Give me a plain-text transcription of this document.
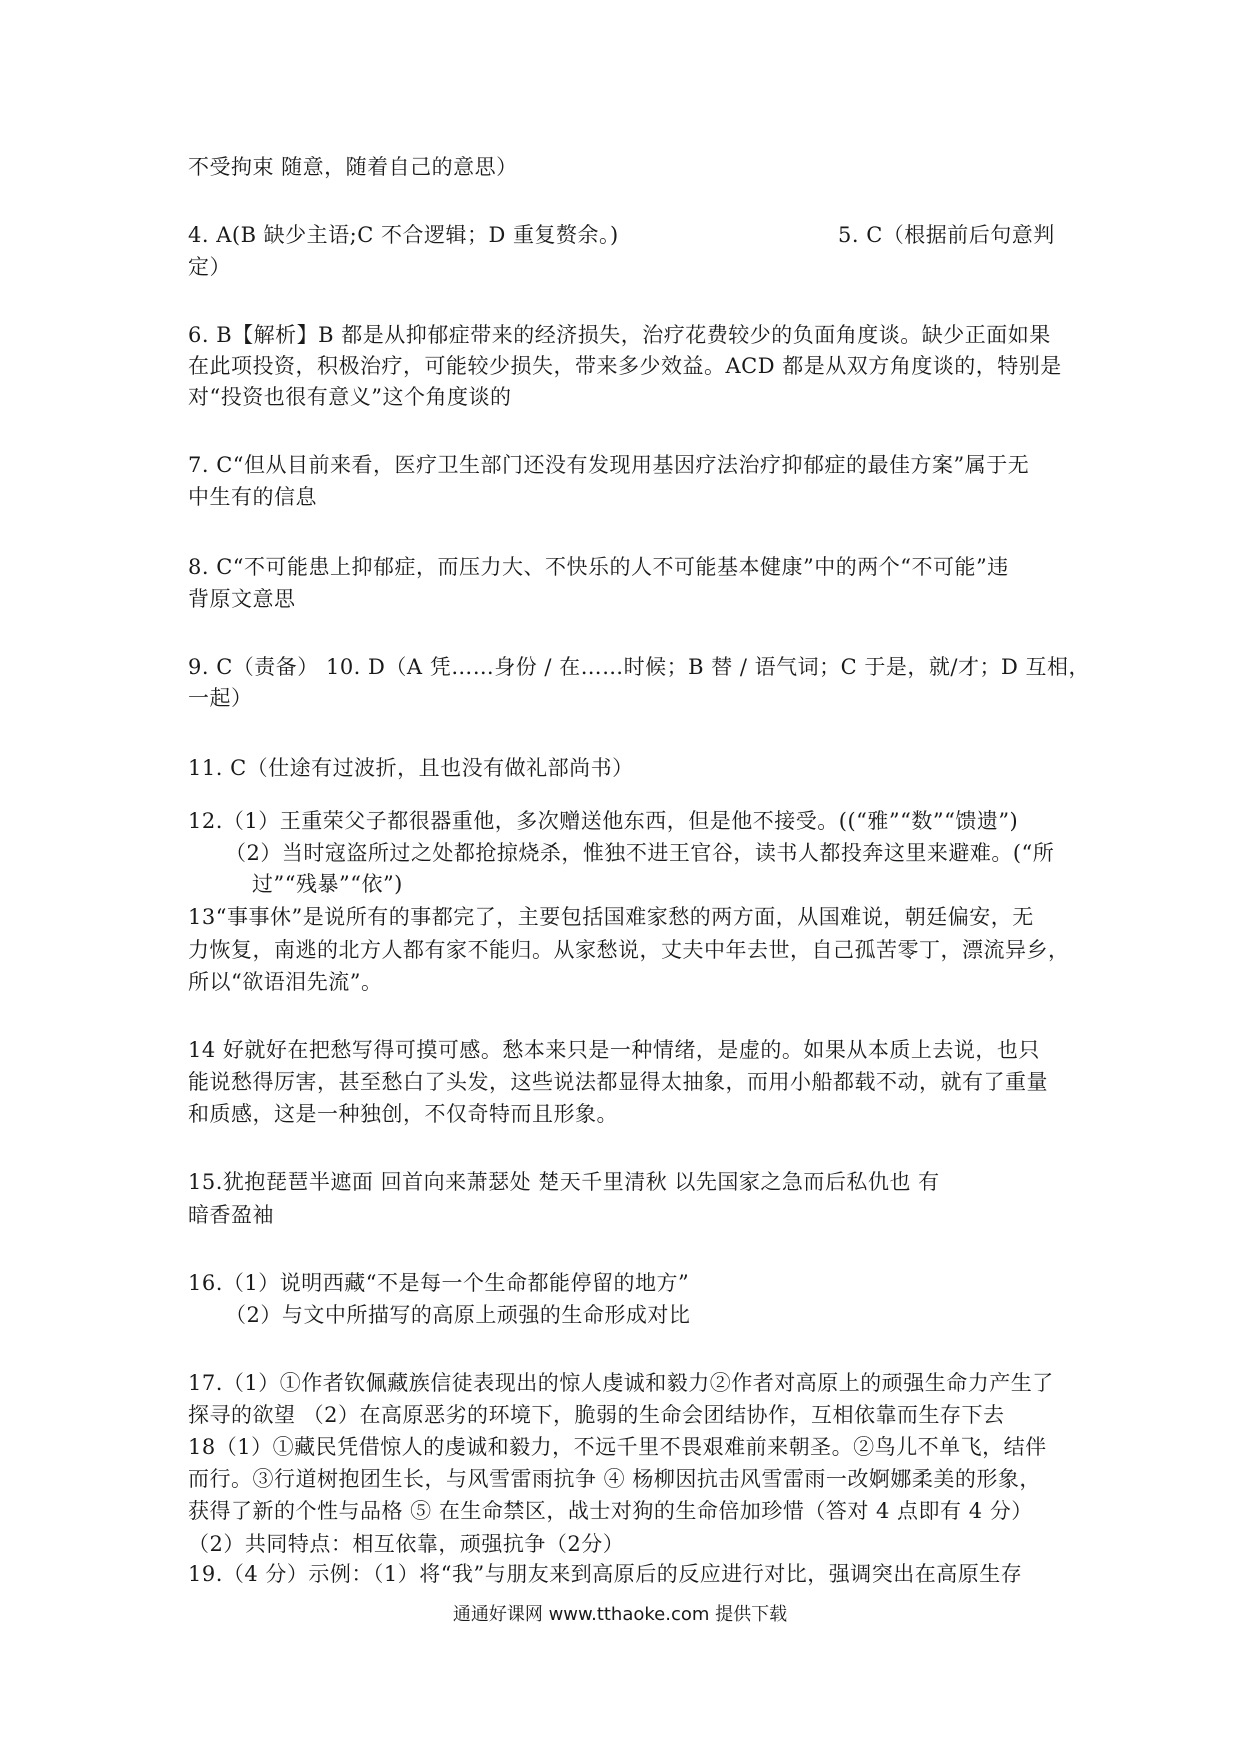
不受拘束 随意，随着自己的意思）
4. A(B 缺少主语;C 不合逻辑；D 重复赘余。)	5. C（根据前后句意判
定）
6. B【解析】B 都是从抑郁症带来的经济损失，治疗花费较少的负面角度谈。缺少正面如果
在此项投资，积极治疗，可能较少损失，带来多少效益。ACD 都是从双方角度谈的，特别是
对“投资也很有意义”这个角度谈的
7. C“但从目前来看，医疗卫生部门还没有发现用基因疗法治疗抑郁症的最佳方案”属于无
中生有的信息
8. C“不可能患上抑郁症，而压力大、不快乐的人不可能基本健康”中的两个“不可能”违
背原文意思
9. C（责备） 10. D（A 凭……身份 / 在……时候；B 替 / 语气词；C 于是，就/才；D 互相，
一起）
11. C（仕途有过波折，且也没有做礼部尚书）
12.（1）王重荣父子都很器重他，多次赠送他东西，但是他不接受。((“雅”“数”“馈遗”)
（2）当时寇盗所过之处都抢掠烧杀，惟独不进王官谷，读书人都投奔这里来避难。(“所
过”“残暴”“依”)
13“事事休”是说所有的事都完了，主要包括国难家愁的两方面，从国难说，朝廷偏安，无
力恢复，南逃的北方人都有家不能归。从家愁说，丈夫中年去世，自己孤苦零丁，漂流异乡，
所以“欲语泪先流”。
14 好就好在把愁写得可摸可感。愁本来只是一种情绪，是虚的。如果从本质上去说，也只
能说愁得厉害，甚至愁白了头发，这些说法都显得太抽象，而用小船都载不动，就有了重量
和质感，这是一种独创，不仅奇特而且形象。
15.犹抱琵琶半遮面 回首向来萧瑟处 楚天千里清秋 以先国家之急而后私仇也 有
暗香盈袖
16.（1）说明西藏“不是每一个生命都能停留的地方”
（2）与文中所描写的高原上顽强的生命形成对比
17.（1）①作者钦佩藏族信徒表现出的惊人虔诚和毅力②作者对高原上的顽强生命力产生了
探寻的欲望 （2）在高原恶劣的环境下，脆弱的生命会团结协作，互相依靠而生存下去
18（1）①藏民凭借惊人的虔诚和毅力，不远千里不畏艰难前来朝圣。②鸟儿不单飞，结伴
而行。③行道树抱团生长，与风雪雷雨抗争 ④ 杨柳因抗击风雪雷雨一改婀娜柔美的形象，
获得了新的个性与品格 ⑤ 在生命禁区，战士对狗的生命倍加珍惜（答对 4 点即有 4 分）
（2）共同特点：相互依靠，顽强抗争（2分）
19.（4 分）示例：（1）将“我”与朋友来到高原后的反应进行对比，强调突出在高原生存
通通好课网 www.tthaoke.com 提供下载
